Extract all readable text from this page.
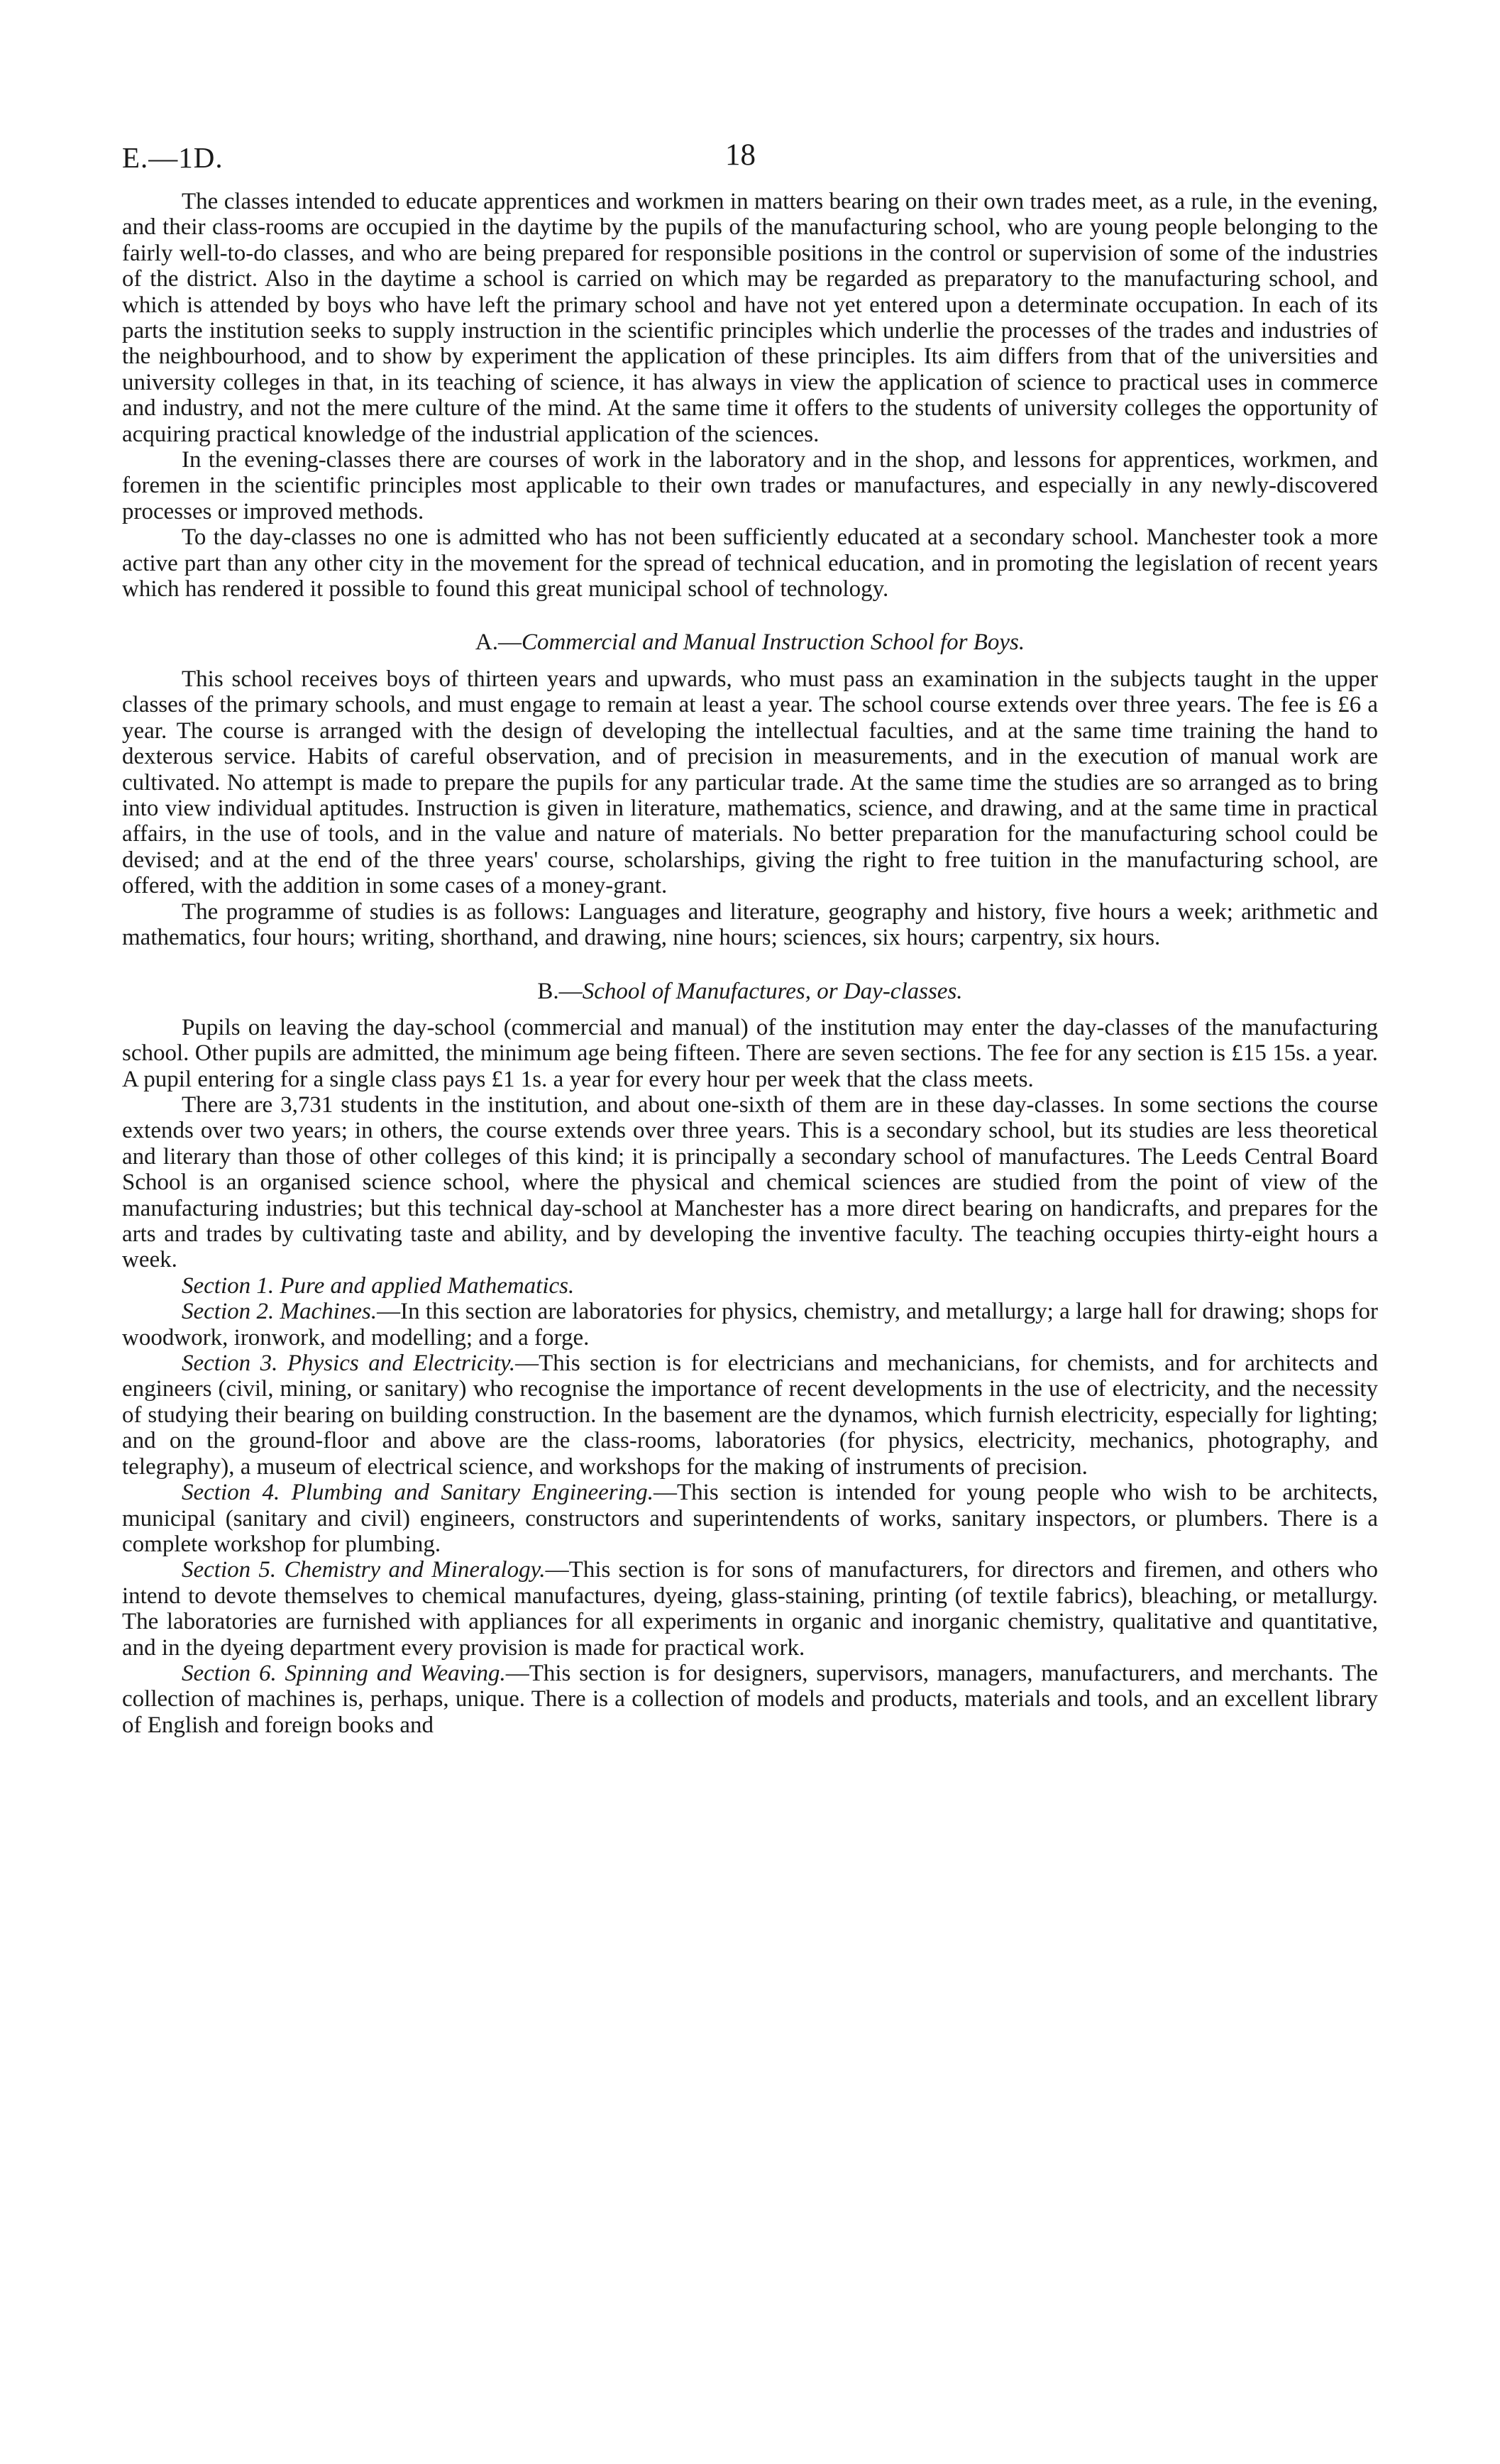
E.—1D.	18

The classes intended to educate apprentices and workmen in matters bearing on their own trades meet, as a rule, in the evening, and their class-rooms are occupied in the daytime by the pupils of the manufacturing school, who are young people belonging to the fairly well-to-do classes, and who are being prepared for responsible positions in the control or supervision of some of the industries of the district. Also in the daytime a school is carried on which may be regarded as preparatory to the manufacturing school, and which is attended by boys who have left the primary school and have not yet entered upon a determinate occupation. In each of its parts the institution seeks to supply instruction in the scientific principles which underlie the processes of the trades and industries of the neighbourhood, and to show by experiment the application of these principles. Its aim differs from that of the universities and university colleges in that, in its teaching of science, it has always in view the application of science to practical uses in commerce and industry, and not the mere culture of the mind. At the same time it offers to the students of university colleges the opportunity of acquiring practical knowledge of the industrial application of the sciences.

In the evening-classes there are courses of work in the laboratory and in the shop, and lessons for apprentices, workmen, and foremen in the scientific principles most applicable to their own trades or manufactures, and especially in any newly-discovered processes or improved methods.

To the day-classes no one is admitted who has not been sufficiently educated at a secondary school. Manchester took a more active part than any other city in the movement for the spread of technical education, and in promoting the legislation of recent years which has rendered it possible to found this great municipal school of technology.

A.—Commercial and Manual Instruction School for Boys.

This school receives boys of thirteen years and upwards, who must pass an examination in the subjects taught in the upper classes of the primary schools, and must engage to remain at least a year. The school course extends over three years. The fee is £6 a year. The course is arranged with the design of developing the intellectual faculties, and at the same time training the hand to dexterous service. Habits of careful observation, and of precision in measurements, and in the execution of manual work are cultivated. No attempt is made to prepare the pupils for any particular trade. At the same time the studies are so arranged as to bring into view individual aptitudes. Instruction is given in literature, mathematics, science, and drawing, and at the same time in practical affairs, in the use of tools, and in the value and nature of materials. No better preparation for the manufacturing school could be devised; and at the end of the three years' course, scholarships, giving the right to free tuition in the manufacturing school, are offered, with the addition in some cases of a money-grant.

The programme of studies is as follows: Languages and literature, geography and history, five hours a week; arithmetic and mathematics, four hours; writing, shorthand, and drawing, nine hours; sciences, six hours; carpentry, six hours.

B.—School of Manufactures, or Day-classes.

Pupils on leaving the day-school (commercial and manual) of the institution may enter the day-classes of the manufacturing school. Other pupils are admitted, the minimum age being fifteen. There are seven sections. The fee for any section is £15 15s. a year. A pupil entering for a single class pays £1 1s. a year for every hour per week that the class meets.

There are 3,731 students in the institution, and about one-sixth of them are in these day-classes. In some sections the course extends over two years; in others, the course extends over three years. This is a secondary school, but its studies are less theoretical and literary than those of other colleges of this kind; it is principally a secondary school of manufactures. The Leeds Central Board School is an organised science school, where the physical and chemical sciences are studied from the point of view of the manufacturing industries; but this technical day-school at Manchester has a more direct bearing on handicrafts, and prepares for the arts and trades by cultivating taste and ability, and by developing the inventive faculty. The teaching occupies thirty-eight hours a week.

Section 1. Pure and applied Mathematics.

Section 2. Machines.—In this section are laboratories for physics, chemistry, and metallurgy; a large hall for drawing; shops for woodwork, ironwork, and modelling; and a forge.

Section 3. Physics and Electricity.—This section is for electricians and mechanicians, for chemists, and for architects and engineers (civil, mining, or sanitary) who recognise the importance of recent developments in the use of electricity, and the necessity of studying their bearing on building construction. In the basement are the dynamos, which furnish electricity, especially for lighting; and on the ground-floor and above are the class-rooms, laboratories (for physics, electricity, mechanics, photography, and telegraphy), a museum of electrical science, and workshops for the making of instruments of precision.

Section 4. Plumbing and Sanitary Engineering.—This section is intended for young people who wish to be architects, municipal (sanitary and civil) engineers, constructors and superintendents of works, sanitary inspectors, or plumbers. There is a complete workshop for plumbing.

Section 5. Chemistry and Mineralogy.—This section is for sons of manufacturers, for directors and firemen, and others who intend to devote themselves to chemical manufactures, dyeing, glass-staining, printing (of textile fabrics), bleaching, or metallurgy. The laboratories are furnished with appliances for all experiments in organic and inorganic chemistry, qualitative and quantitative, and in the dyeing department every provision is made for practical work.

Section 6. Spinning and Weaving.—This section is for designers, supervisors, managers, manufacturers, and merchants. The collection of machines is, perhaps, unique. There is a collection of models and products, materials and tools, and an excellent library of English and foreign books and
